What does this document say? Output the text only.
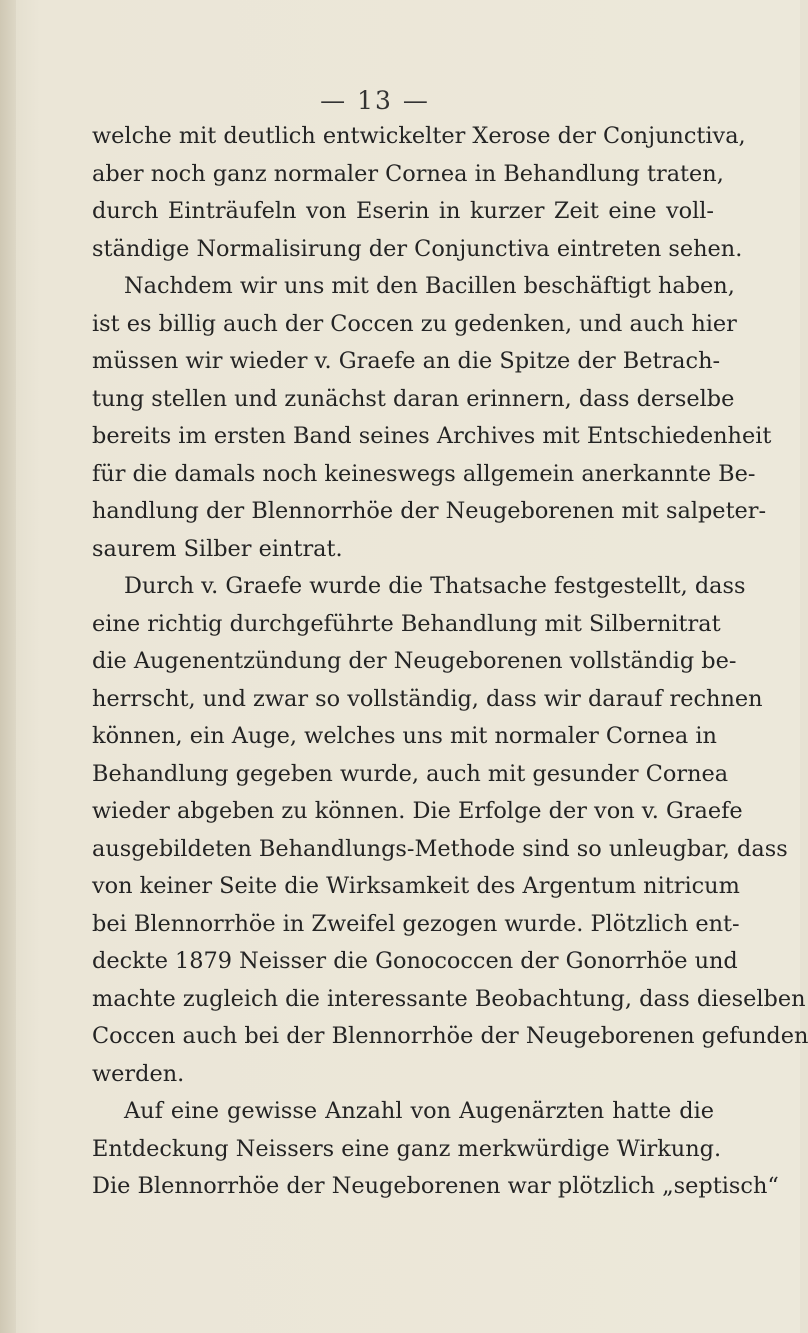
— 13 —
welche mit deutlich entwickelter Xerose der Conjunctiva,
aber noch ganz normaler Cornea in Behandlung traten,
durch Einträufeln von Eserin in kurzer Zeit eine voll-
ständige Normalisirung der Conjunctiva eintreten sehen.
Nachdem wir uns mit den Bacillen beschäftigt haben,
ist es billig auch der Coccen zu gedenken, und auch hier
müssen wir wieder v. Graefe an die Spitze der Betrach-
tung stellen und zunächst daran erinnern, dass derselbe
bereits im ersten Band seines Archives mit Entschiedenheit
für die damals noch keineswegs allgemein anerkannte Be-
handlung der Blennorrhöe der Neugeborenen mit salpeter-
saurem Silber eintrat.
Durch v. Graefe wurde die Thatsache festgestellt, dass
eine richtig durchgeführte Behandlung mit Silbernitrat
die Augenentzündung der Neugeborenen vollständig be-
herrscht, und zwar so vollständig, dass wir darauf rechnen
können, ein Auge, welches uns mit normaler Cornea in
Behandlung gegeben wurde, auch mit gesunder Cornea
wieder abgeben zu können. Die Erfolge der von v. Graefe
ausgebildeten Behandlungs-Methode sind so unleugbar, dass
von keiner Seite die Wirksamkeit des Argentum nitricum
bei Blennorrhöe in Zweifel gezogen wurde. Plötzlich ent-
deckte 1879 Neisser die Gonococcen der Gonorrhöe und
machte zugleich die interessante Beobachtung, dass dieselben
Coccen auch bei der Blennorrhöe der Neugeborenen gefunden
werden.
Auf eine gewisse Anzahl von Augenärzten hatte die
Entdeckung Neissers eine ganz merkwürdige Wirkung.
Die Blennorrhöe der Neugeborenen war plötzlich „septisch“
